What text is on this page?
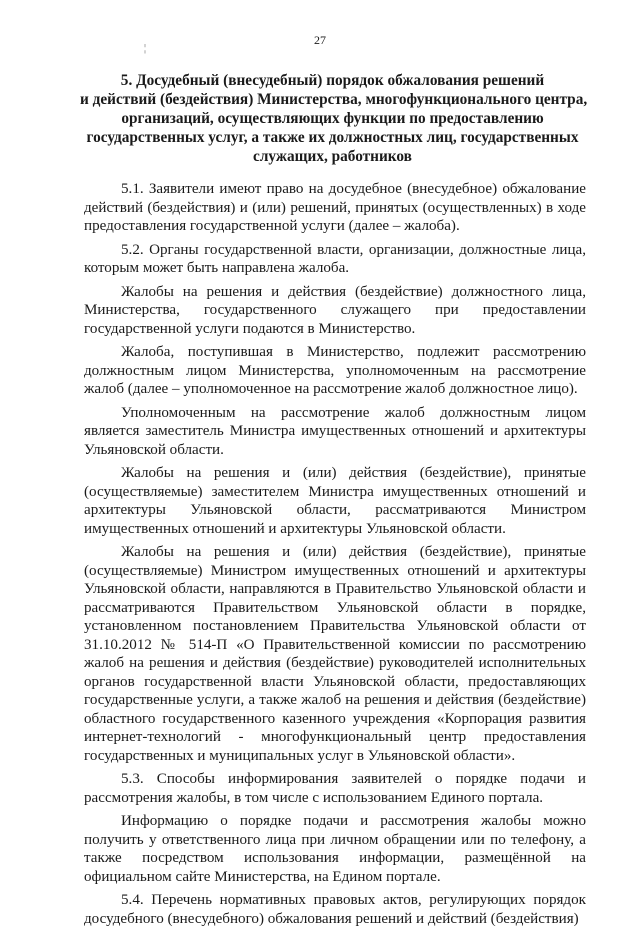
27
¦
5. Досудебный (внесудебный) порядок обжалования решений
и действий (бездействия) Министерства, многофункционального центра,
организаций, осуществляющих функции по предоставлению
государственных услуг, а также их должностных лиц, государственных
служащих, работников

5.1. Заявители имеют право на досудебное (внесудебное) обжалование действий (бездействия) и (или) решений, принятых (осуществленных) в ходе предоставления государственной услуги (далее – жалоба).

5.2. Органы государственной власти, организации, должностные лица, которым может быть направлена жалоба.

Жалобы на решения и действия (бездействие) должностного лица, Министерства, государственного служащего при предоставлении государственной услуги подаются в Министерство.

Жалоба, поступившая в Министерство, подлежит рассмотрению должностным лицом Министерства, уполномоченным на рассмотрение жалоб (далее – уполномоченное на рассмотрение жалоб должностное лицо).

Уполномоченным на рассмотрение жалоб должностным лицом является заместитель Министра имущественных отношений и архитектуры Ульяновской области.

Жалобы на решения и (или) действия (бездействие), принятые (осуществляемые) заместителем Министра имущественных отношений и архитектуры Ульяновской области, рассматриваются Министром имущественных отношений и архитектуры Ульяновской области.

Жалобы на решения и (или) действия (бездействие), принятые (осуществляемые) Министром имущественных отношений и архитектуры Ульяновской области, направляются в Правительство Ульяновской области и рассматриваются Правительством Ульяновской области в порядке, установленном постановлением Правительства Ульяновской области от 31.10.2012 № 514-П «О Правительственной комиссии по рассмотрению жалоб на решения и действия (бездействие) руководителей исполнительных органов государственной власти Ульяновской области, предоставляющих государственные услуги, а также жалоб на решения и действия (бездействие) областного государственного казенного учреждения «Корпорация развития интернет-технологий - многофункциональный центр предоставления государственных и муниципальных услуг в Ульяновской области».

5.3. Способы информирования заявителей о порядке подачи и рассмотрения жалобы, в том числе с использованием Единого портала.

Информацию о порядке подачи и рассмотрения жалобы можно получить у ответственного лица при личном обращении или по телефону, а также посредством использования информации, размещённой на официальном сайте Министерства, на Едином портале.

5.4. Перечень нормативных правовых актов, регулирующих порядок досудебного (внесудебного) обжалования решений и действий (бездействия)
